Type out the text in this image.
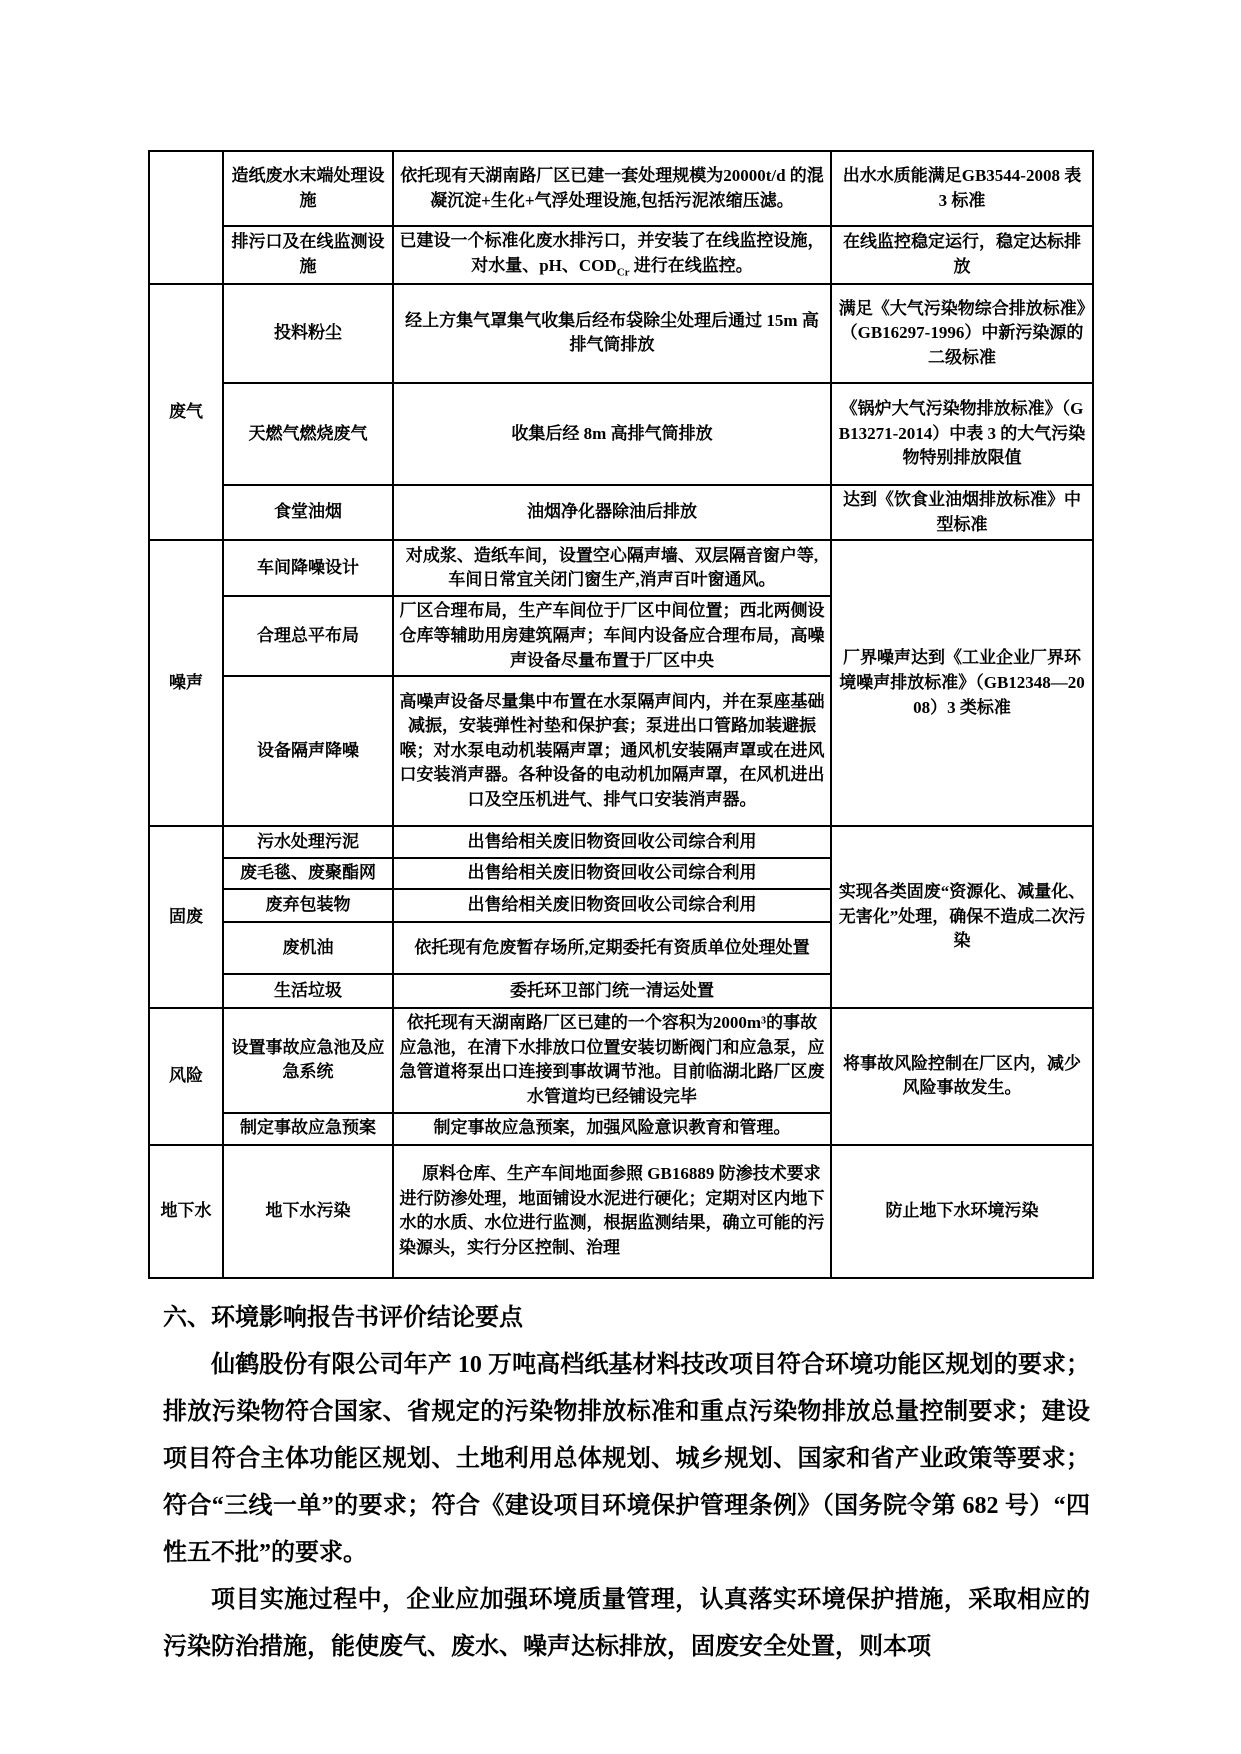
	造纸废水末端处理设施	依托现有天湖南路厂区已建一套处理规模为20000t/d 的混凝沉淀+生化+气浮处理设施,包括污泥浓缩压滤。	出水水质能满足GB3544-2008 表 3 标准
	排污口及在线监测设施	已建设一个标准化废水排污口，并安装了在线监控设施，对水量、pH、$COD_{Cr}$ 进行在线监控。	在线监控稳定运行，稳定达标排放
废气	投料粉尘	经上方集气罩集气收集后经布袋除尘处理后通过 15m 高排气筒排放	满足《大气污染物综合排放标准》（GB16297-1996）中新污染源的二级标准
	天燃气燃烧废气	收集后经 8m 高排气筒排放	《锅炉大气污染物排放标准》（GB13271-2014）中表 3 的大气污染物特别排放限值
	食堂油烟	油烟净化器除油后排放	达到《饮食业油烟排放标准》中型标准
噪声	车间降噪设计	对成浆、造纸车间，设置空心隔声墙、双层隔音窗户等,车间日常宜关闭门窗生产,消声百叶窗通风。	厂界噪声达到《工业企业厂界环境噪声排放标准》（GB12348—2008）3 类标准
	合理总平布局	厂区合理布局，生产车间位于厂区中间位置；西北两侧设仓库等辅助用房建筑隔声；车间内设备应合理布局，高噪声设备尽量布置于厂区中央	
	设备隔声降噪	高噪声设备尽量集中布置在水泵隔声间内，并在泵座基础减振，安装弹性衬垫和保护套；泵进出口管路加装避振喉；对水泵电动机装隔声罩；通风机安装隔声罩或在进风口安装消声器。各种设备的电动机加隔声罩，在风机进出口及空压机进气、排气口安装消声器。	
固废	污水处理污泥	出售给相关废旧物资回收公司综合利用	实现各类固废“资源化、减量化、无害化”处理，确保不造成二次污染
	废毛毯、废聚酯网	出售给相关废旧物资回收公司综合利用	
	废弃包装物	出售给相关废旧物资回收公司综合利用	
	废机油	依托现有危废暂存场所,定期委托有资质单位处理处置	
	生活垃圾	委托环卫部门统一清运处置	
风险	设置事故应急池及应急系统	依托现有天湖南路厂区已建的一个容积为2000m³的事故应急池，在清下水排放口位置安装切断阀门和应急泵，应急管道将泵出口连接到事故调节池。目前临湖北路厂区废水管道均已经铺设完毕	将事故风险控制在厂区内，减少风险事故发生。
	制定事故应急预案	制定事故应急预案，加强风险意识教育和管理。	
地下水	地下水污染	原料仓库、生产车间地面参照 GB16889 防渗技术要求进行防渗处理，地面铺设水泥进行硬化；定期对区内地下水的水质、水位进行监测，根据监测结果，确立可能的污染源头，实行分区控制、治理	防止地下水环境污染
六、环境影响报告书评价结论要点

仙鹤股份有限公司年产 10 万吨高档纸基材料技改项目符合环境功能区规划的要求；排放污染物符合国家、省规定的污染物排放标准和重点污染物排放总量控制要求；建设项目符合主体功能区规划、土地利用总体规划、城乡规划、国家和省产业政策等要求；符合“三线一单”的要求；符合《建设项目环境保护管理条例》（国务院令第 682 号）“四性五不批”的要求。

项目实施过程中，企业应加强环境质量管理，认真落实环境保护措施，采取相应的污染防治措施，能使废气、废水、噪声达标排放，固废安全处置，则本项
